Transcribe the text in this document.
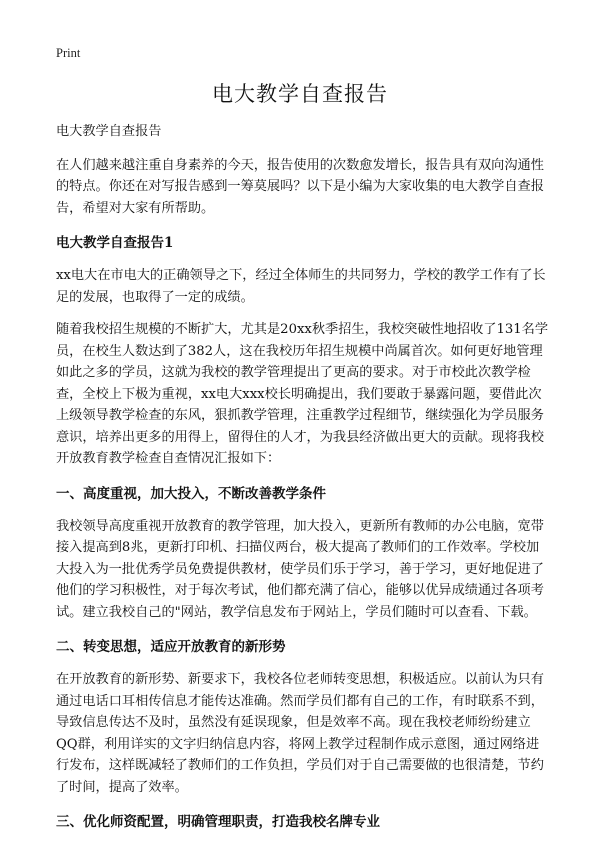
Print
电大教学自查报告

电大教学自查报告

在人们越来越注重自身素养的今天，报告使用的次数愈发增长，报告具有双向沟通性的特点。你还在对写报告感到一筹莫展吗？以下是小编为大家收集的电大教学自查报告，希望对大家有所帮助。

电大教学自查报告1

xx电大在市电大的正确领导之下，经过全体师生的共同努力，学校的教学工作有了长足的发展，也取得了一定的成绩。

随着我校招生规模的不断扩大，尤其是20xx秋季招生，我校突破性地招收了131名学员，在校生人数达到了382人，这在我校历年招生规模中尚属首次。如何更好地管理如此之多的学员，这就为我校的教学管理提出了更高的要求。对于市校此次教学检查，全校上下极为重视，xx电大xxx校长明确提出，我们要敢于暴露问题，要借此次上级领导教学检查的东风，狠抓教学管理，注重教学过程细节，继续强化为学员服务意识，培养出更多的用得上，留得住的人才，为我县经济做出更大的贡献。现将我校开放教育教学检查自查情况汇报如下：

一、高度重视，加大投入，不断改善教学条件

我校领导高度重视开放教育的教学管理，加大投入，更新所有教师的办公电脑，宽带接入提高到8兆，更新打印机、扫描仪两台，极大提高了教师们的工作效率。学校加大投入为一批优秀学员免费提供教材，使学员们乐于学习，善于学习，更好地促进了他们的学习积极性，对于每次考试，他们都充满了信心，能够以优异成绩通过各项考试。建立我校自己的"网站，教学信息发布于网站上，学员们随时可以查看、下载。

二、转变思想，适应开放教育的新形势

在开放教育的新形势、新要求下，我校各位老师转变思想，积极适应。以前认为只有通过电话口耳相传信息才能传达准确。然而学员们都有自己的工作，有时联系不到，导致信息传达不及时，虽然没有延误现象，但是效率不高。现在我校老师纷纷建立QQ群，利用详实的文字归纳信息内容，将网上教学过程制作成示意图，通过网络进行发布，这样既减轻了教师们的工作负担，学员们对于自己需要做的也很清楚，节约了时间，提高了效率。

三、优化师资配置，明确管理职责，打造我校名牌专业
